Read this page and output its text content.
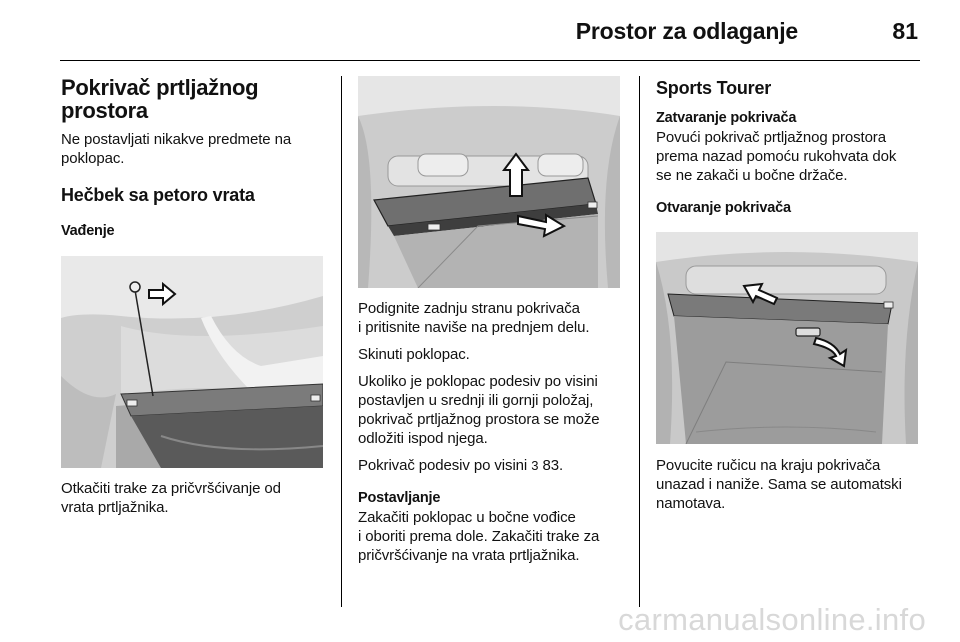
Prostor za odlaganje	81
Pokrivač prtljažnog
prostora
Ne postavljati nikakve predmete na
poklopac.
Hečbek sa petoro vrata
Vađenje
Otkačiti trake za pričvršćivanje od
vrata prtljažnika.
Podignite zadnju stranu pokrivača
i pritisnite naviše na prednjem delu.
Skinuti poklopac.
Ukoliko je poklopac podesiv po visini
postavljen u srednji ili gornji položaj,
pokrivač prtljažnog prostora se može
odložiti ispod njega.
Pokrivač podesiv po visini 3 83.
Postavljanje
Zakačiti poklopac u bočne vođice
i oboriti prema dole. Zakačiti trake za
pričvršćivanje na vrata prtljažnika.
Sports Tourer
Zatvaranje pokrivača
Povući pokrivač prtljažnog prostora
prema nazad pomoću rukohvata dok
se ne zakači u bočne držače.
Otvaranje pokrivača
Povucite ručicu na kraju pokrivača
unazad i naniže. Sama se automatski
namotava.
carmanualsonline.info
